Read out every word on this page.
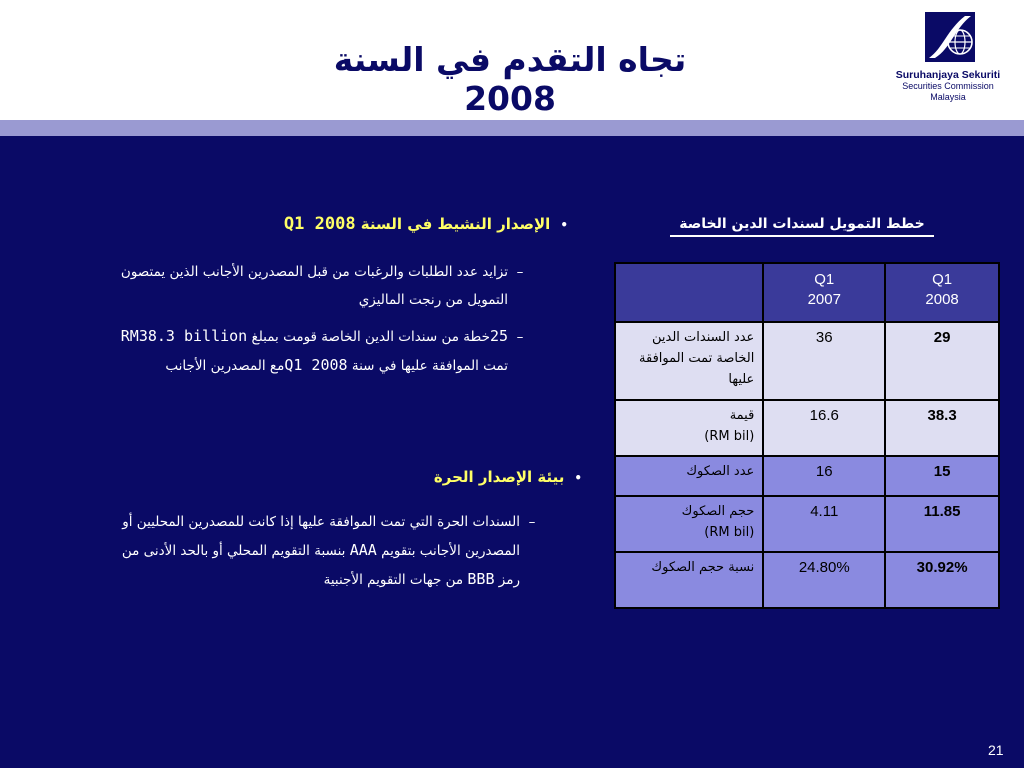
تجاه التقدم في السنة 2008
Suruhanjaya Sekuriti
Securities Commission
Malaysia
•الإصدار النشيط في السنة Q1 2008
–تزايد عدد الطلبات والرغبات من قبل المصدرين الأجانب الذين يمتصون
التمويل من رنجت الماليزي
–25خطة من سندات الدين الخاصة قومت بمبلغ RM38.3 billion
تمت الموافقة عليها في سنة Q1 2008مع المصدرين الأجانب
•بيئة الإصدار الحرة
–السندات الحرة التي تمت الموافقة عليها إذا كانت للمصدرين المحليين أو
المصدرين الأجانب بتقويم AAA بنسبة التقويم المحلي أو بالحد الأدنى من
رمز BBB من جهات التقويم الأجنبية
خطط التمويل لسندات الدين الخاصة
	Q1
2007	Q1
2008
عدد السندات الدين الخاصة تمت الموافقة عليها	36	29
قيمة
(RM bil)	16.6	38.3
عدد الصكوك	16	15
حجم الصكوك
(RM bil)	4.11	11.85
نسبة حجم الصكوك	24.80%	30.92%
21
